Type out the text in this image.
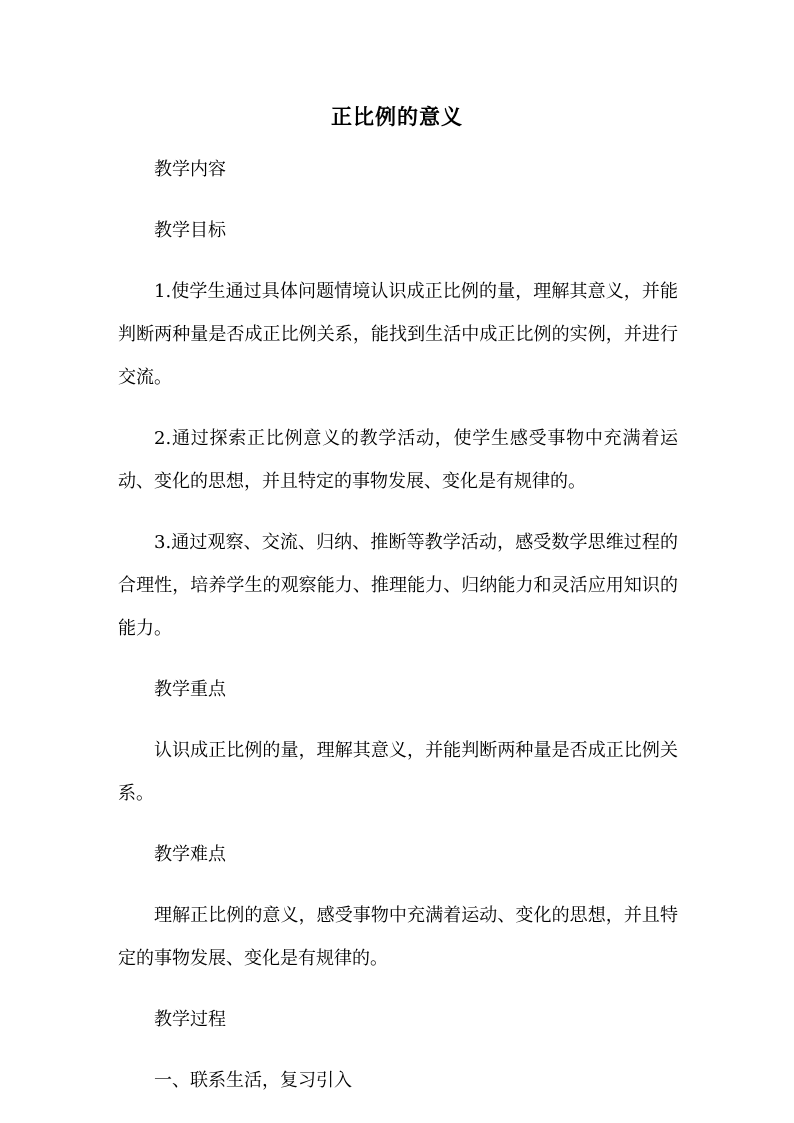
正比例的意义

教学内容

教学目标

1.使学生通过具体问题情境认识成正比例的量，理解其意义，并能判断两种量是否成正比例关系，能找到生活中成正比例的实例，并进行交流。

2.通过探索正比例意义的教学活动，使学生感受事物中充满着运动、变化的思想，并且特定的事物发展、变化是有规律的。

3.通过观察、交流、归纳、推断等教学活动，感受数学思维过程的合理性，培养学生的观察能力、推理能力、归纳能力和灵活应用知识的能力。

教学重点

认识成正比例的量，理解其意义，并能判断两种量是否成正比例关系。

教学难点

理解正比例的意义，感受事物中充满着运动、变化的思想，并且特定的事物发展、变化是有规律的。

教学过程

一、联系生活，复习引入
